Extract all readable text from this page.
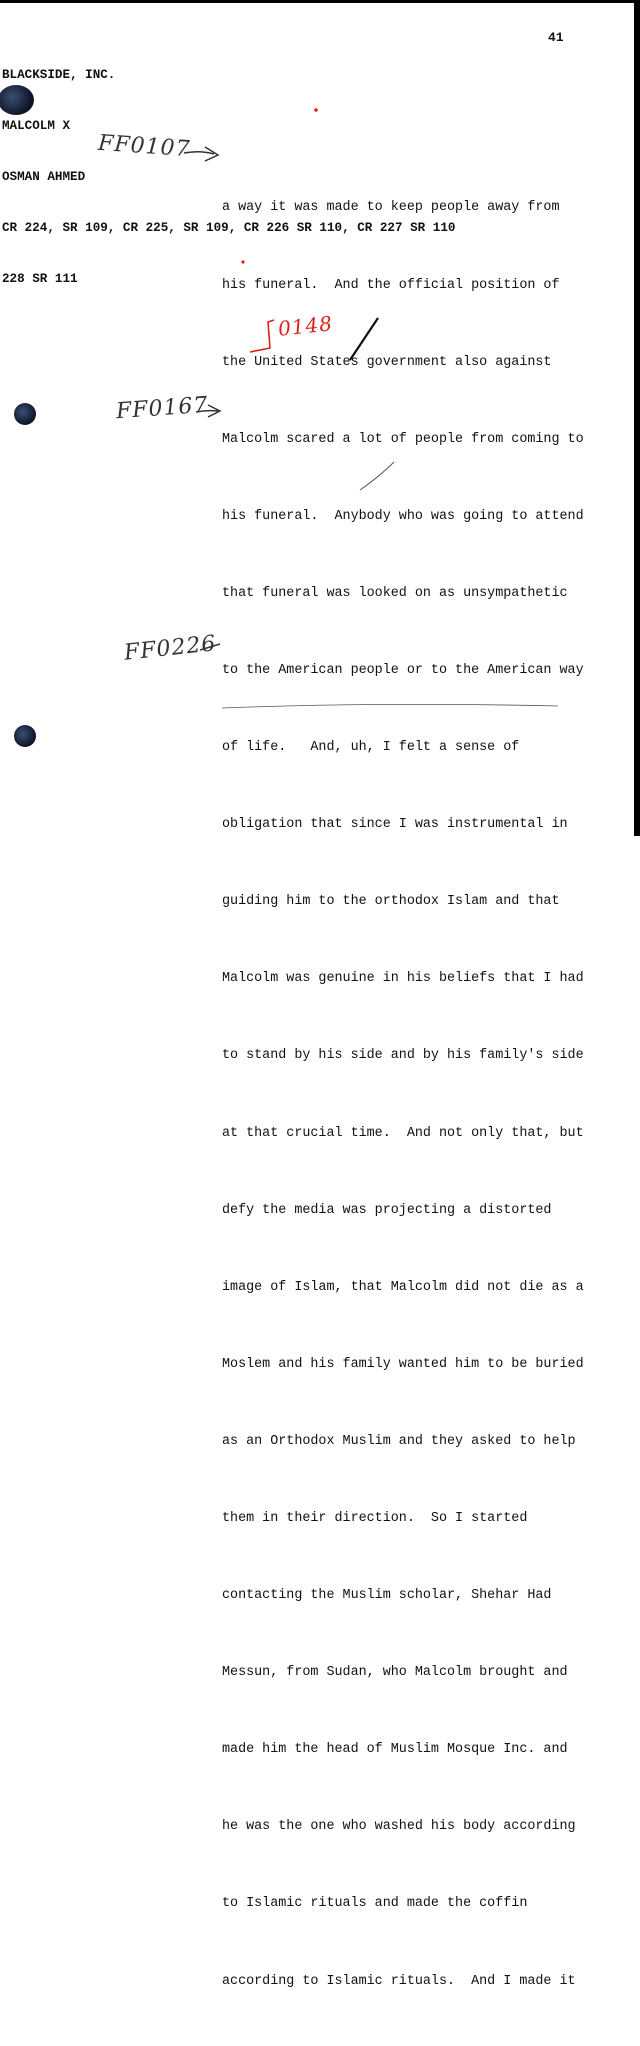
BLACKSIDE, INC.

MALCOLM X

OSMAN AHMED

CR 224, SR 109, CR 225, SR 109, CR 226 SR 110, CR 227 SR 110

228 SR 111

41

a way it was made to keep people away from

his funeral.  And the official position of

the United States government also against

Malcolm scared a lot of people from coming to

his funeral.  Anybody who was going to attend

that funeral was looked on as unsympathetic

to the American people or to the American way

of life.   And, uh, I felt a sense of

obligation that since I was instrumental in

guiding him to the orthodox Islam and that

Malcolm was genuine in his beliefs that I had

to stand by his side and by his family's side

at that crucial time.  And not only that, but

defy the media was projecting a distorted

image of Islam, that Malcolm did not die as a

Moslem and his family wanted him to be buried

as an Orthodox Muslim and they asked to help

them in their direction.  So I started

contacting the Muslim scholar, Shehar Had

Messun, from Sudan, who Malcolm brought and

made him the head of Muslim Mosque Inc. and

he was the one who washed his body according

to Islamic rituals and made the coffin

according to Islamic rituals.  And I made it

FF0107
FF0167
FF0226
0148
